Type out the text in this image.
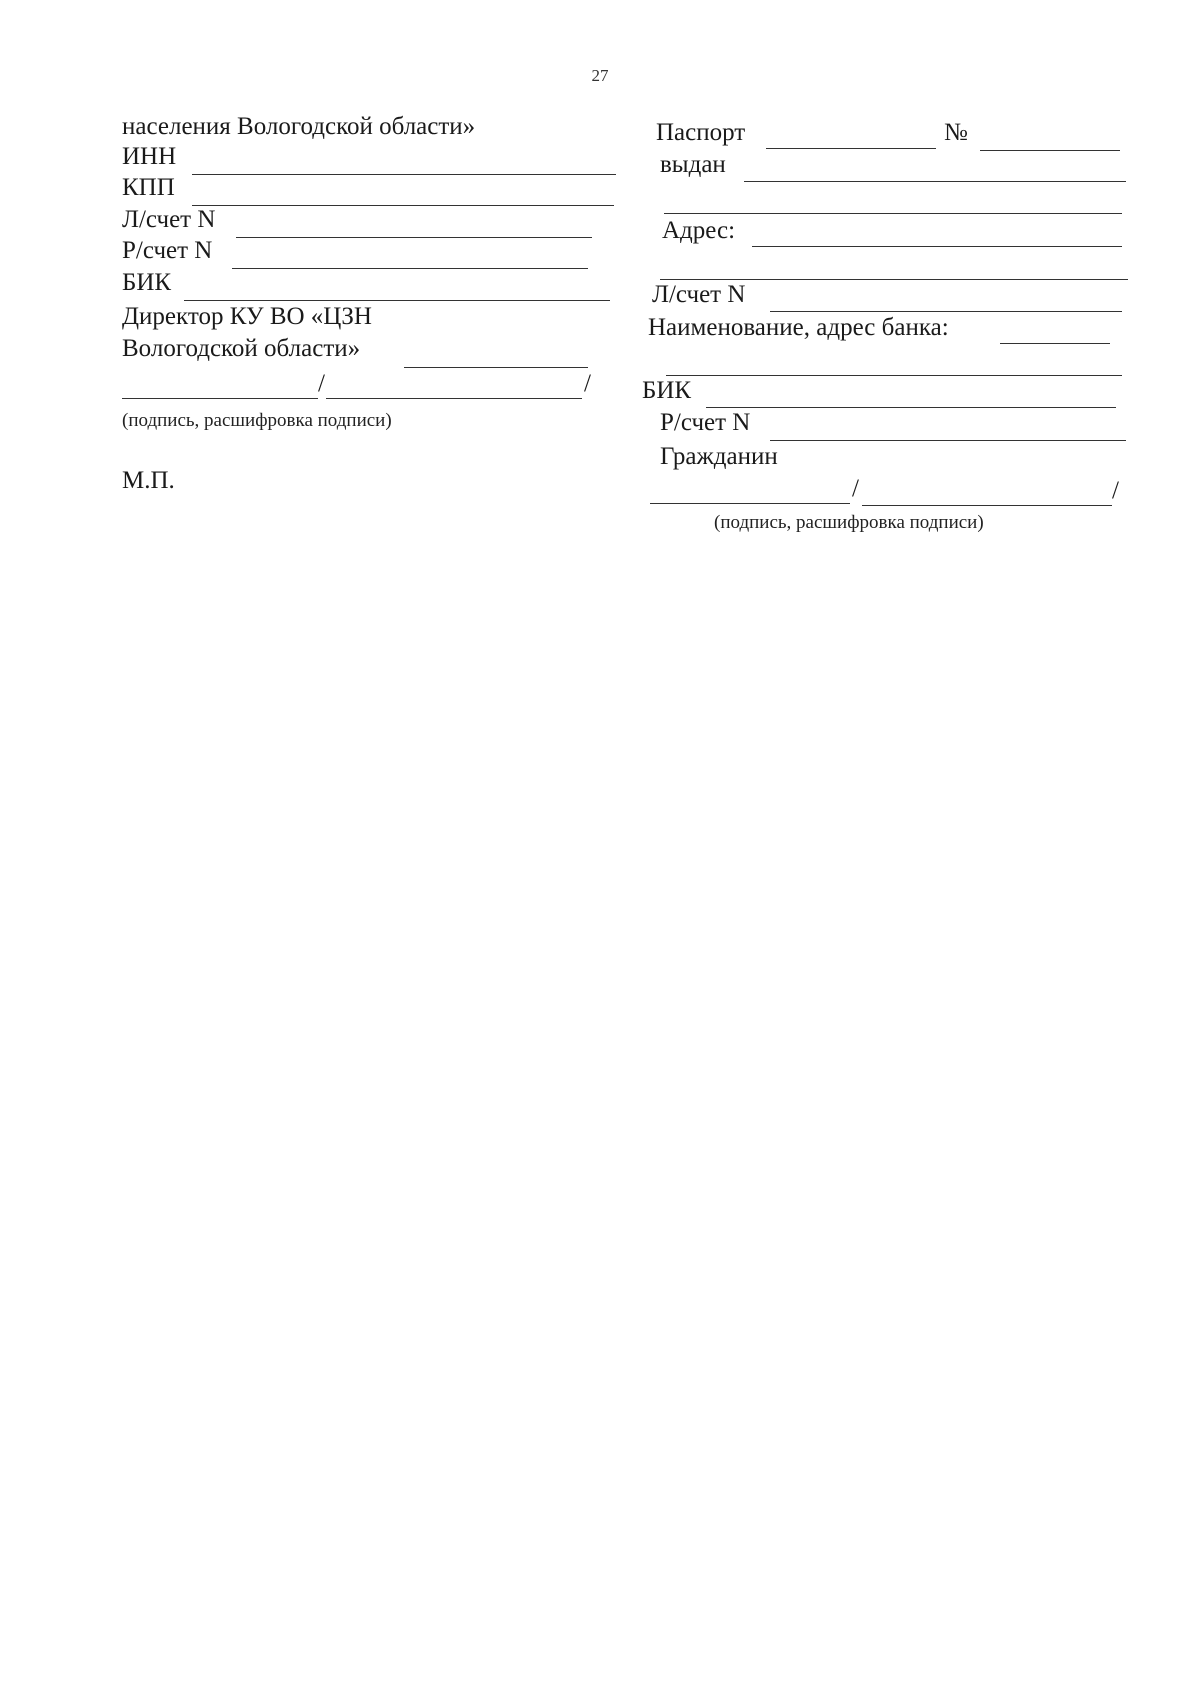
27
населения Вологодской области»
ИНН
КПП
Л/счет N
Р/счет N
БИК
Директор КУ ВО «ЦЗН
Вологодской области»
/	/
(подпись, расшифровка подписи)
М.П.
Паспорт	№
выдан
Адрес:
Л/счет N
Наименование, адрес банка:
БИК
Р/счет N
Гражданин
/	/
(подпись, расшифровка подписи)
